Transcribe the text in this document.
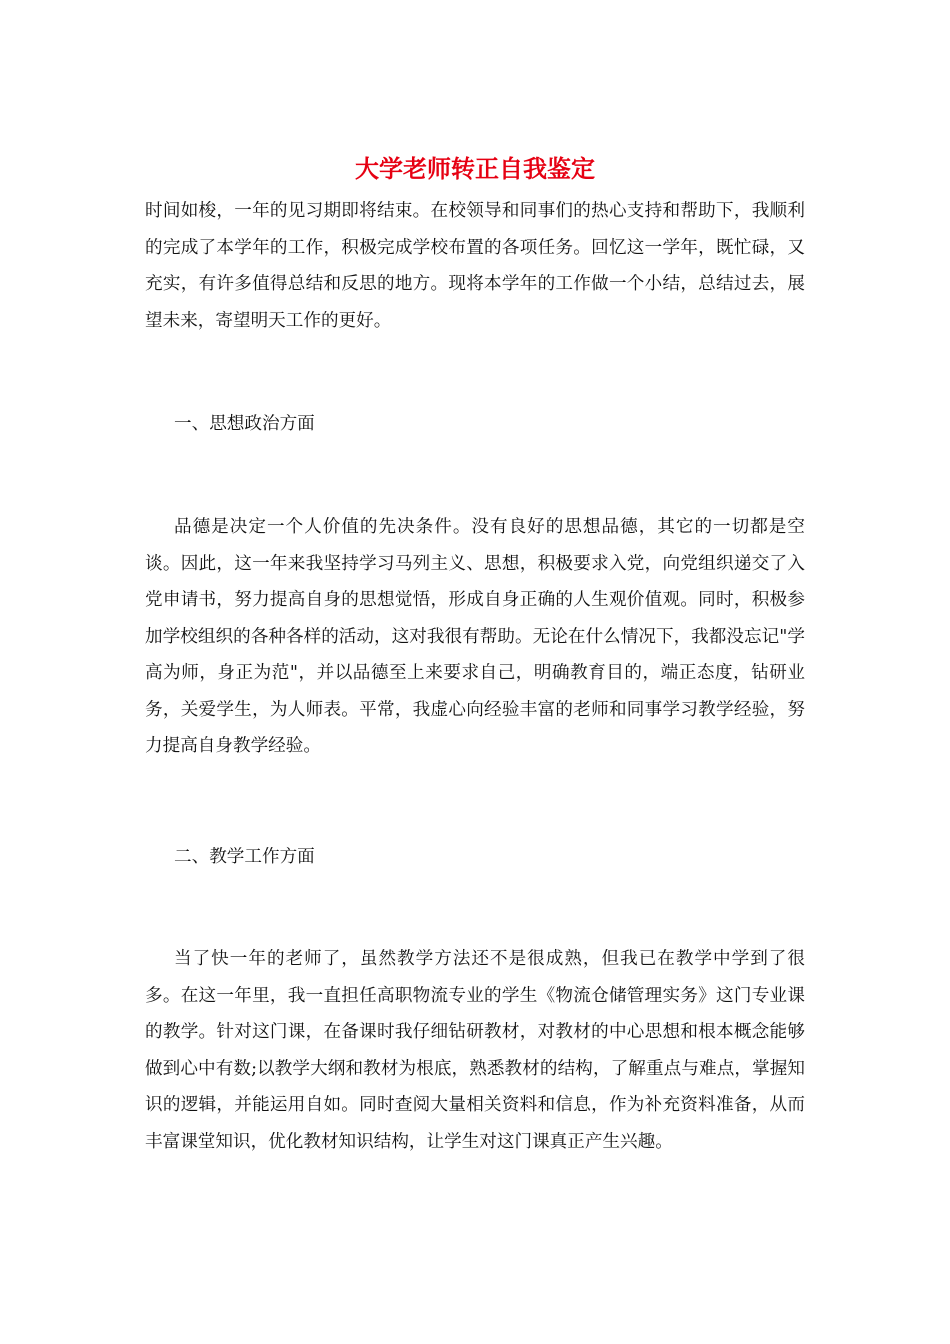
大学老师转正自我鉴定

时间如梭，一年的见习期即将结束。在校领导和同事们的热心支持和帮助下，我顺利的完成了本学年的工作，积极完成学校布置的各项任务。回忆这一学年，既忙碌，又充实，有许多值得总结和反思的地方。现将本学年的工作做一个小结，总结过去，展望未来，寄望明天工作的更好。

一、思想政治方面

品德是决定一个人价值的先决条件。没有良好的思想品德，其它的一切都是空谈。因此，这一年来我坚持学习马列主义、思想，积极要求入党，向党组织递交了入党申请书，努力提高自身的思想觉悟，形成自身正确的人生观价值观。同时，积极参加学校组织的各种各样的活动，这对我很有帮助。无论在什么情况下，我都没忘记"学高为师，身正为范"，并以品德至上来要求自己，明确教育目的，端正态度，钻研业务，关爱学生，为人师表。平常，我虚心向经验丰富的老师和同事学习教学经验，努力提高自身教学经验。

二、教学工作方面

当了快一年的老师了，虽然教学方法还不是很成熟，但我已在教学中学到了很多。在这一年里，我一直担任高职物流专业的学生《物流仓储管理实务》这门专业课的教学。针对这门课，在备课时我仔细钻研教材，对教材的中心思想和根本概念能够做到心中有数;以教学大纲和教材为根底，熟悉教材的结构，了解重点与难点，掌握知识的逻辑，并能运用自如。同时查阅大量相关资料和信息，作为补充资料准备，从而丰富课堂知识，优化教材知识结构，让学生对这门课真正产生兴趣。
